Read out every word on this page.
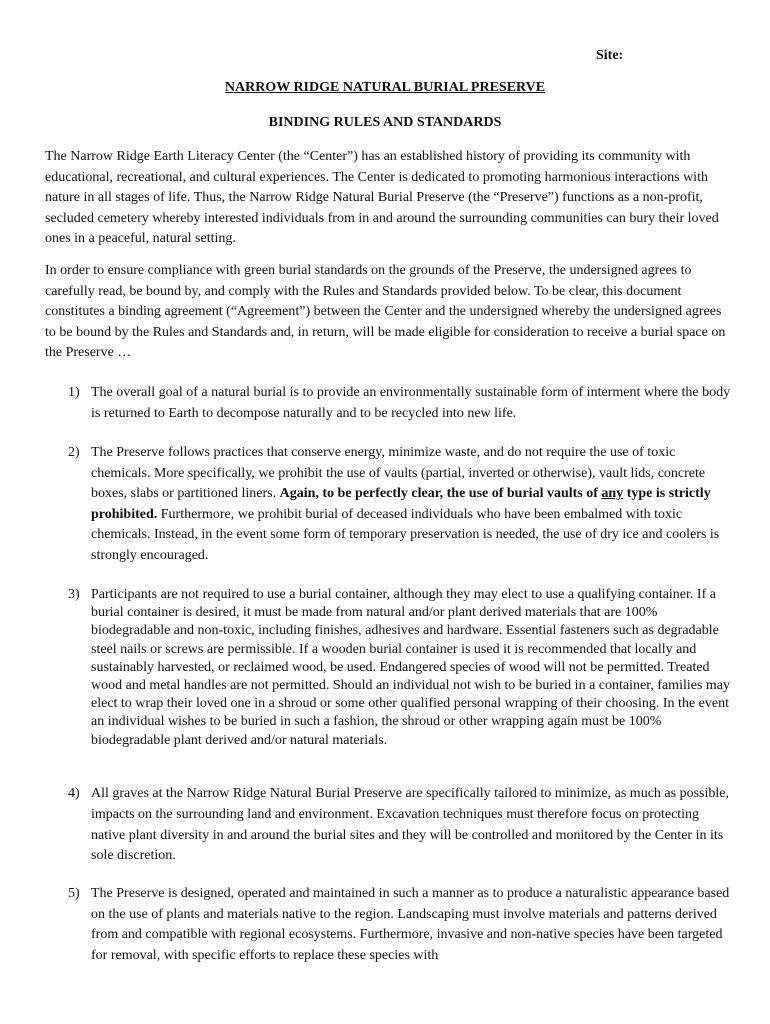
Site:
NARROW RIDGE NATURAL BURIAL PRESERVE
BINDING RULES AND STANDARDS

The Narrow Ridge Earth Literacy Center (the “Center”) has an established history of providing its community with educational, recreational, and cultural experiences. The Center is dedicated to promoting harmonious interactions with nature in all stages of life. Thus, the Narrow Ridge Natural Burial Preserve (the “Preserve”) functions as a non-profit, secluded cemetery whereby interested individuals from in and around the surrounding communities can bury their loved ones in a peaceful, natural setting.

In order to ensure compliance with green burial standards on the grounds of the Preserve, the undersigned agrees to carefully read, be bound by, and comply with the Rules and Standards provided below. To be clear, this document constitutes a binding agreement (“Agreement”) between the Center and the undersigned whereby the undersigned agrees to be bound by the Rules and Standards and, in return, will be made eligible for consideration to receive a burial space on the Preserve …

1) The overall goal of a natural burial is to provide an environmentally sustainable form of interment where the body is returned to Earth to decompose naturally and to be recycled into new life.
2) The Preserve follows practices that conserve energy, minimize waste, and do not require the use of toxic chemicals. More specifically, we prohibit the use of vaults (partial, inverted or otherwise), vault lids, concrete boxes, slabs or partitioned liners. Again, to be perfectly clear, the use of burial vaults of any type is strictly prohibited. Furthermore, we prohibit burial of deceased individuals who have been embalmed with toxic chemicals. Instead, in the event some form of temporary preservation is needed, the use of dry ice and coolers is strongly encouraged.
3) Participants are not required to use a burial container, although they may elect to use a qualifying container. If a burial container is desired, it must be made from natural and/or plant derived materials that are 100% biodegradable and non-toxic, including finishes, adhesives and hardware. Essential fasteners such as degradable steel nails or screws are permissible. If a wooden burial container is used it is recommended that locally and sustainably harvested, or reclaimed wood, be used. Endangered species of wood will not be permitted. Treated wood and metal handles are not permitted. Should an individual not wish to be buried in a container, families may elect to wrap their loved one in a shroud or some other qualified personal wrapping of their choosing. In the event an individual wishes to be buried in such a fashion, the shroud or other wrapping again must be 100% biodegradable plant derived and/or natural materials.
4) All graves at the Narrow Ridge Natural Burial Preserve are specifically tailored to minimize, as much as possible, impacts on the surrounding land and environment. Excavation techniques must therefore focus on protecting native plant diversity in and around the burial sites and they will be controlled and monitored by the Center in its sole discretion.
5) The Preserve is designed, operated and maintained in such a manner as to produce a naturalistic appearance based on the use of plants and materials native to the region. Landscaping must involve materials and patterns derived from and compatible with regional ecosystems. Furthermore, invasive and non-native species have been targeted for removal, with specific efforts to replace these species with
